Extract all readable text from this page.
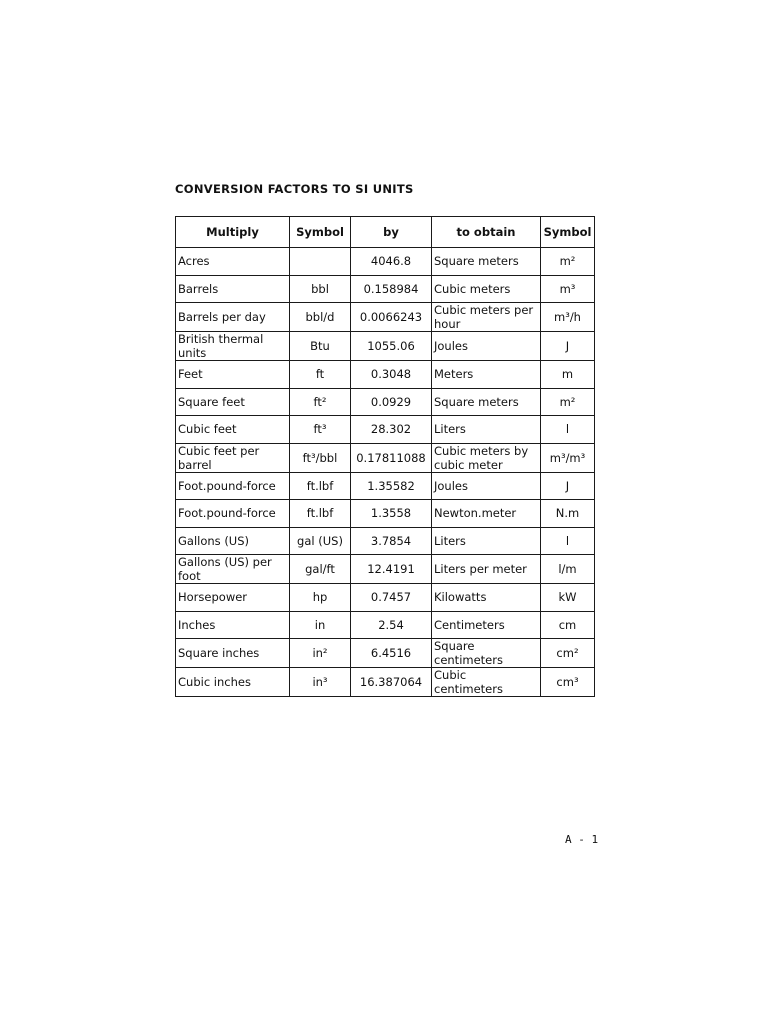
CONVERSION FACTORS TO SI UNITS
Multiply	Symbol	by	to obtain	Symbol
Acres		4046.8	Square meters	m²
Barrels	bbl	0.158984	Cubic meters	m³
Barrels per day	bbl/d	0.0066243	Cubic meters per hour	m³/h
British thermal units	Btu	1055.06	Joules	J
Feet	ft	0.3048	Meters	m
Square feet	ft²	0.0929	Square meters	m²
Cubic feet	ft³	28.302	Liters	l
Cubic feet per barrel	ft³/bbl	0.17811088	Cubic meters by cubic meter	m³/m³
Foot.pound-force	ft.lbf	1.35582	Joules	J
Foot.pound-force	ft.lbf	1.3558	Newton.meter	N.m
Gallons (US)	gal (US)	3.7854	Liters	l
Gallons (US) per foot	gal/ft	12.4191	Liters per meter	l/m
Horsepower	hp	0.7457	Kilowatts	kW
Inches	in	2.54	Centimeters	cm
Square inches	in²	6.4516	Square centimeters	cm²
Cubic inches	in³	16.387064	Cubic centimeters	cm³
A - 1
